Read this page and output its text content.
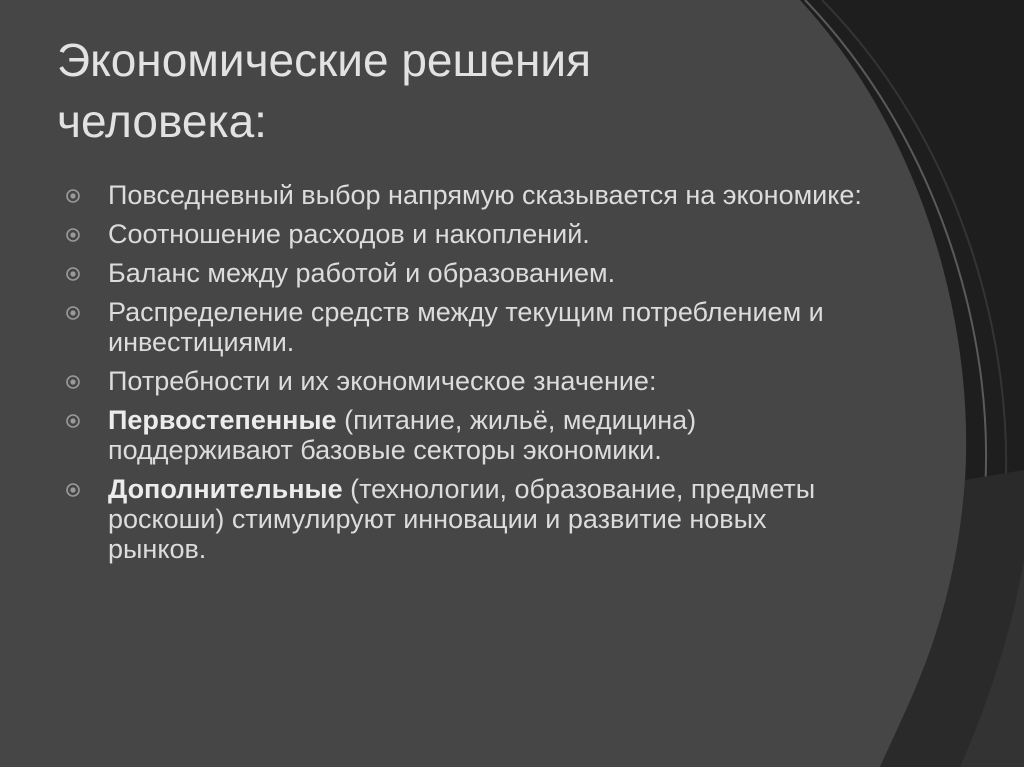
Экономические решения
человека:
Повседневный выбор напрямую сказывается на экономике:
Соотношение расходов и накоплений.
Баланс между работой и образованием.
Распределение средств между текущим потреблением и инвестициями.
Потребности и их экономическое значение:
Первостепенные (питание, жильё, медицина) поддерживают базовые секторы экономики.
Дополнительные (технологии, образование, предметы роскоши) стимулируют инновации и развитие новых рынков.
